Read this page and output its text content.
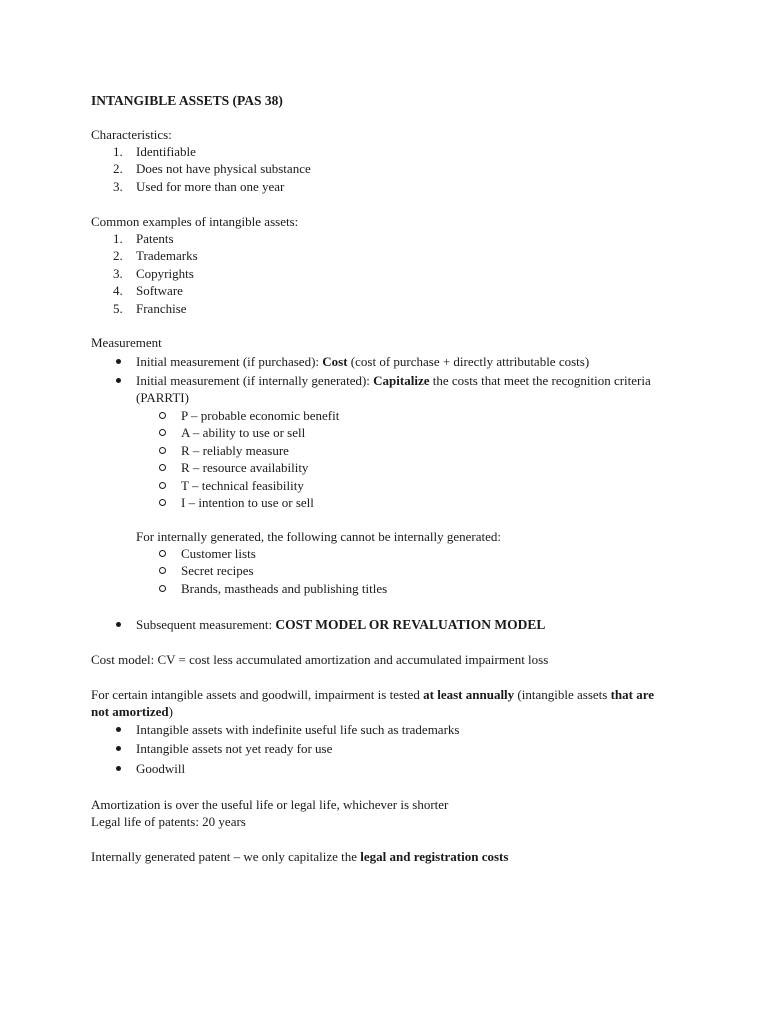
INTANGIBLE ASSETS (PAS 38)

Characteristics:

1. Identifiable
2. Does not have physical substance
3. Used for more than one year

Common examples of intangible assets:

1. Patents
2. Trademarks
3. Copyrights
4. Software
5. Franchise

Measurement

Initial measurement (if purchased): Cost (cost of purchase + directly attributable costs)
Initial measurement (if internally generated): Capitalize the costs that meet the recognition criteria

(PARRTI)

P – probable economic benefit
A – ability to use or sell
R – reliably measure
R – resource availability
T – technical feasibility
I – intention to use or sell

For internally generated, the following cannot be internally generated:

Customer lists
Secret recipes
Brands, mastheads and publishing titles
Subsequent measurement: COST MODEL OR REVALUATION MODEL

Cost model: CV = cost less accumulated amortization and accumulated impairment loss

For certain intangible assets and goodwill, impairment is tested at least annually (intangible assets that are
not amortized)

Intangible assets with indefinite useful life such as trademarks
Intangible assets not yet ready for use
Goodwill

Amortization is over the useful life or legal life, whichever is shorter

Legal life of patents: 20 years

Internally generated patent – we only capitalize the legal and registration costs
